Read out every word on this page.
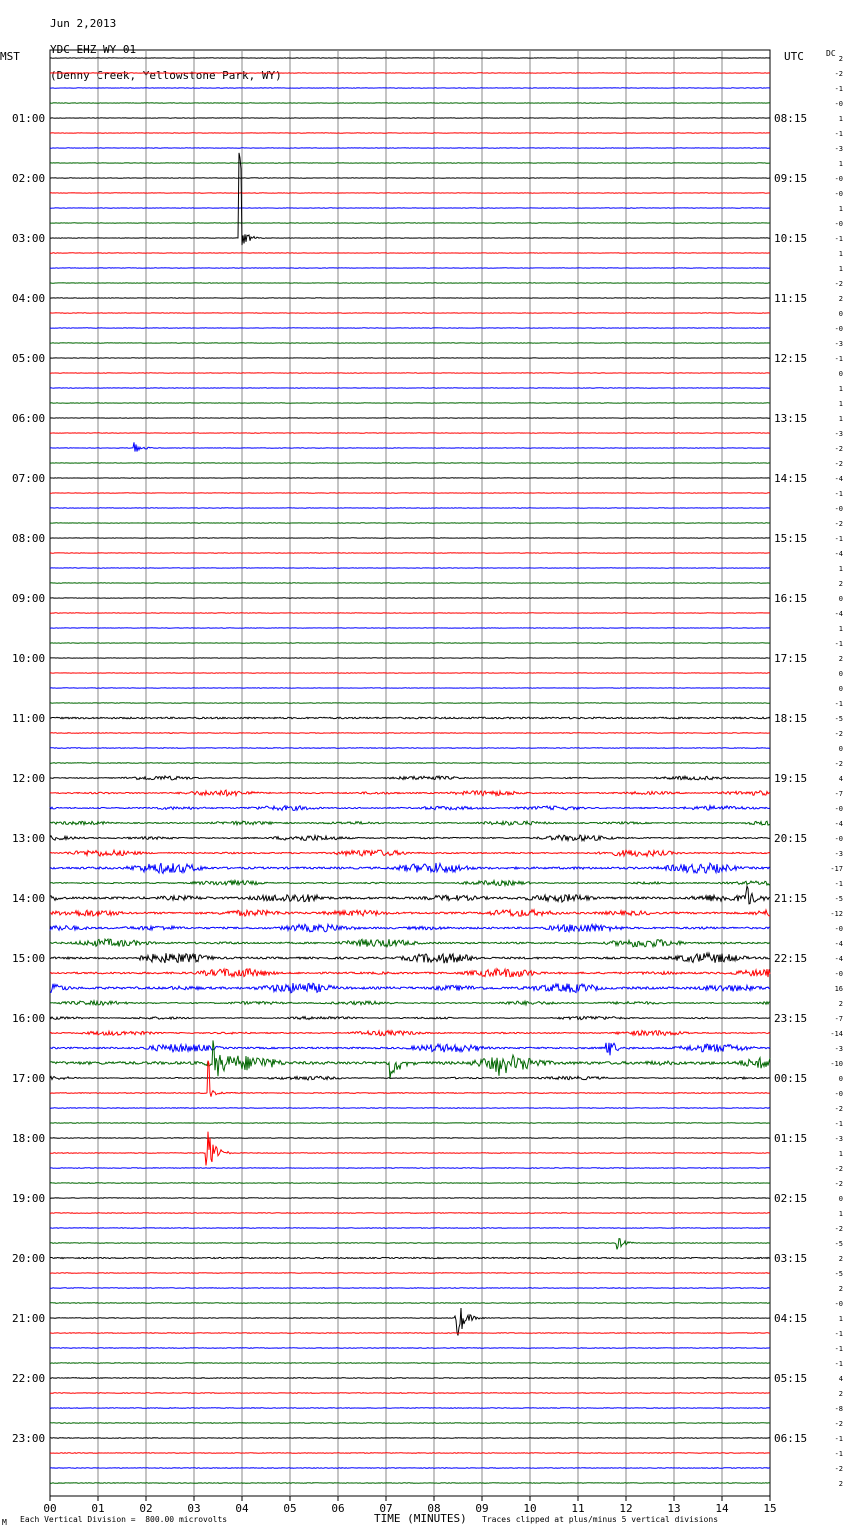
Jun 2,2013

YDC EHZ WY 01

(Denny Creek, Yellowstone Park, WY)

MST	UTC	DC
00	01	02	03	04	05	06	07	08	09	10	11	12	13	14	15
2
-2
-1
-0
1
-1
-3
1
-0
-0
1
-0
-1
1
1
-2
2
0
-0
-3
-1
0
1
1
1
-3
-2
-2
-4
-1
-0
-2
-1
-4
1
2
0
-4
1
-1
2
0
0
-1
-5
-2
0
-2
4
-7
-0
-4
-0
-3
-17
-1
-5
-12
-0
-4
-4
-0
16
2
-7
-14
-3
-10
0
-0
-2
-1
-3
1
-2
-2
0
1
-2
-5
2
-5
2
-0
1
-1
-1
-1
4
2
-8
-2
-1
-1
-2
2
01:00
02:00
03:00
04:00
05:00
06:00
07:00
08:00
09:00
10:00
11:00
12:00
13:00
14:00
15:00
16:00
17:00
18:00
19:00
20:00
21:00
22:00
23:00
08:15
09:15
10:15
11:15
12:15
13:15
14:15
15:15
16:15
17:15
18:15
19:15
20:15
21:15
22:15
23:15
00:15
01:15
02:15
03:15
04:15
05:15
06:15
M Each Vertical Division =  800.00 microvolts	TIME (MINUTES) Traces clipped at plus/minus 5 vertical divisions
